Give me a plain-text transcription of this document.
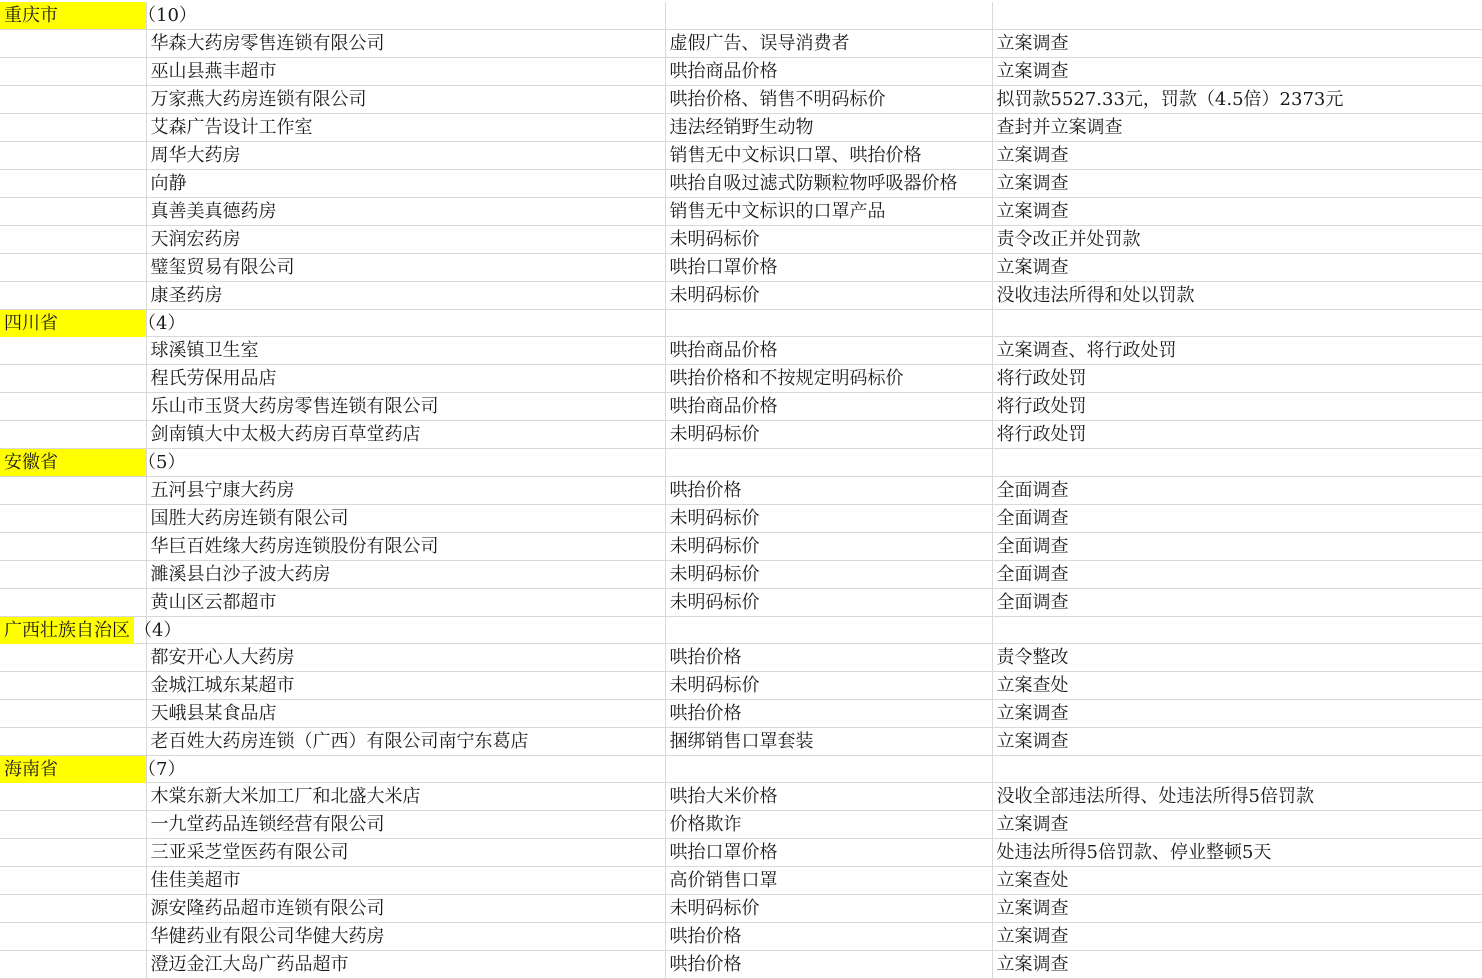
重庆市 （10）			

	华森大药房零售连锁有限公司	虚假广告、误导消费者	立案调查
	巫山县燕丰超市	哄抬商品价格	立案调查
	万家燕大药房连锁有限公司	哄抬价格、销售不明码标价	拟罚款5527.33元，罚款（4.5倍）2373元
	艾森广告设计工作室	违法经销野生动物	查封并立案调查
	周华大药房	销售无中文标识口罩、哄抬价格	立案调查
	向静	哄抬自吸过滤式防颗粒物呼吸器价格	立案调查
	真善美真德药房	销售无中文标识的口罩产品	立案调查
	天润宏药房	未明码标价	责令改正并处罚款
	璧玺贸易有限公司	哄抬口罩价格	立案调查
	康圣药房	未明码标价	没收违法所得和处以罚款

四川省 （4）			

	球溪镇卫生室	哄抬商品价格	立案调查、将行政处罚
	程氏劳保用品店	哄抬价格和不按规定明码标价	将行政处罚
	乐山市玉贤大药房零售连锁有限公司	哄抬商品价格	将行政处罚
	剑南镇大中太极大药房百草堂药店	未明码标价	将行政处罚

安徽省 （5）			

	五河县宁康大药房	哄抬价格	全面调查
	国胜大药房连锁有限公司	未明码标价	全面调查
	华巨百姓缘大药房连锁股份有限公司	未明码标价	全面调查
	濉溪县白沙子波大药房	未明码标价	全面调查
	黄山区云都超市	未明码标价	全面调查

广西壮族自治区 （4）			

	都安开心人大药房	哄抬价格	责令整改
	金城江城东某超市	未明码标价	立案查处
	天峨县某食品店	哄抬价格	立案调查
	老百姓大药房连锁（广西）有限公司南宁东葛店	捆绑销售口罩套装	立案调查

海南省 （7）			

	木棠东新大米加工厂和北盛大米店	哄抬大米价格	没收全部违法所得、处违法所得5倍罚款
	一九堂药品连锁经营有限公司	价格欺诈	立案调查
	三亚采芝堂医药有限公司	哄抬口罩价格	处违法所得5倍罚款、停业整顿5天
	佳佳美超市	高价销售口罩	立案查处
	源安隆药品超市连锁有限公司	未明码标价	立案调查
	华健药业有限公司华健大药房	哄抬价格	立案调查
	澄迈金江大岛广药品超市	哄抬价格	立案调查
